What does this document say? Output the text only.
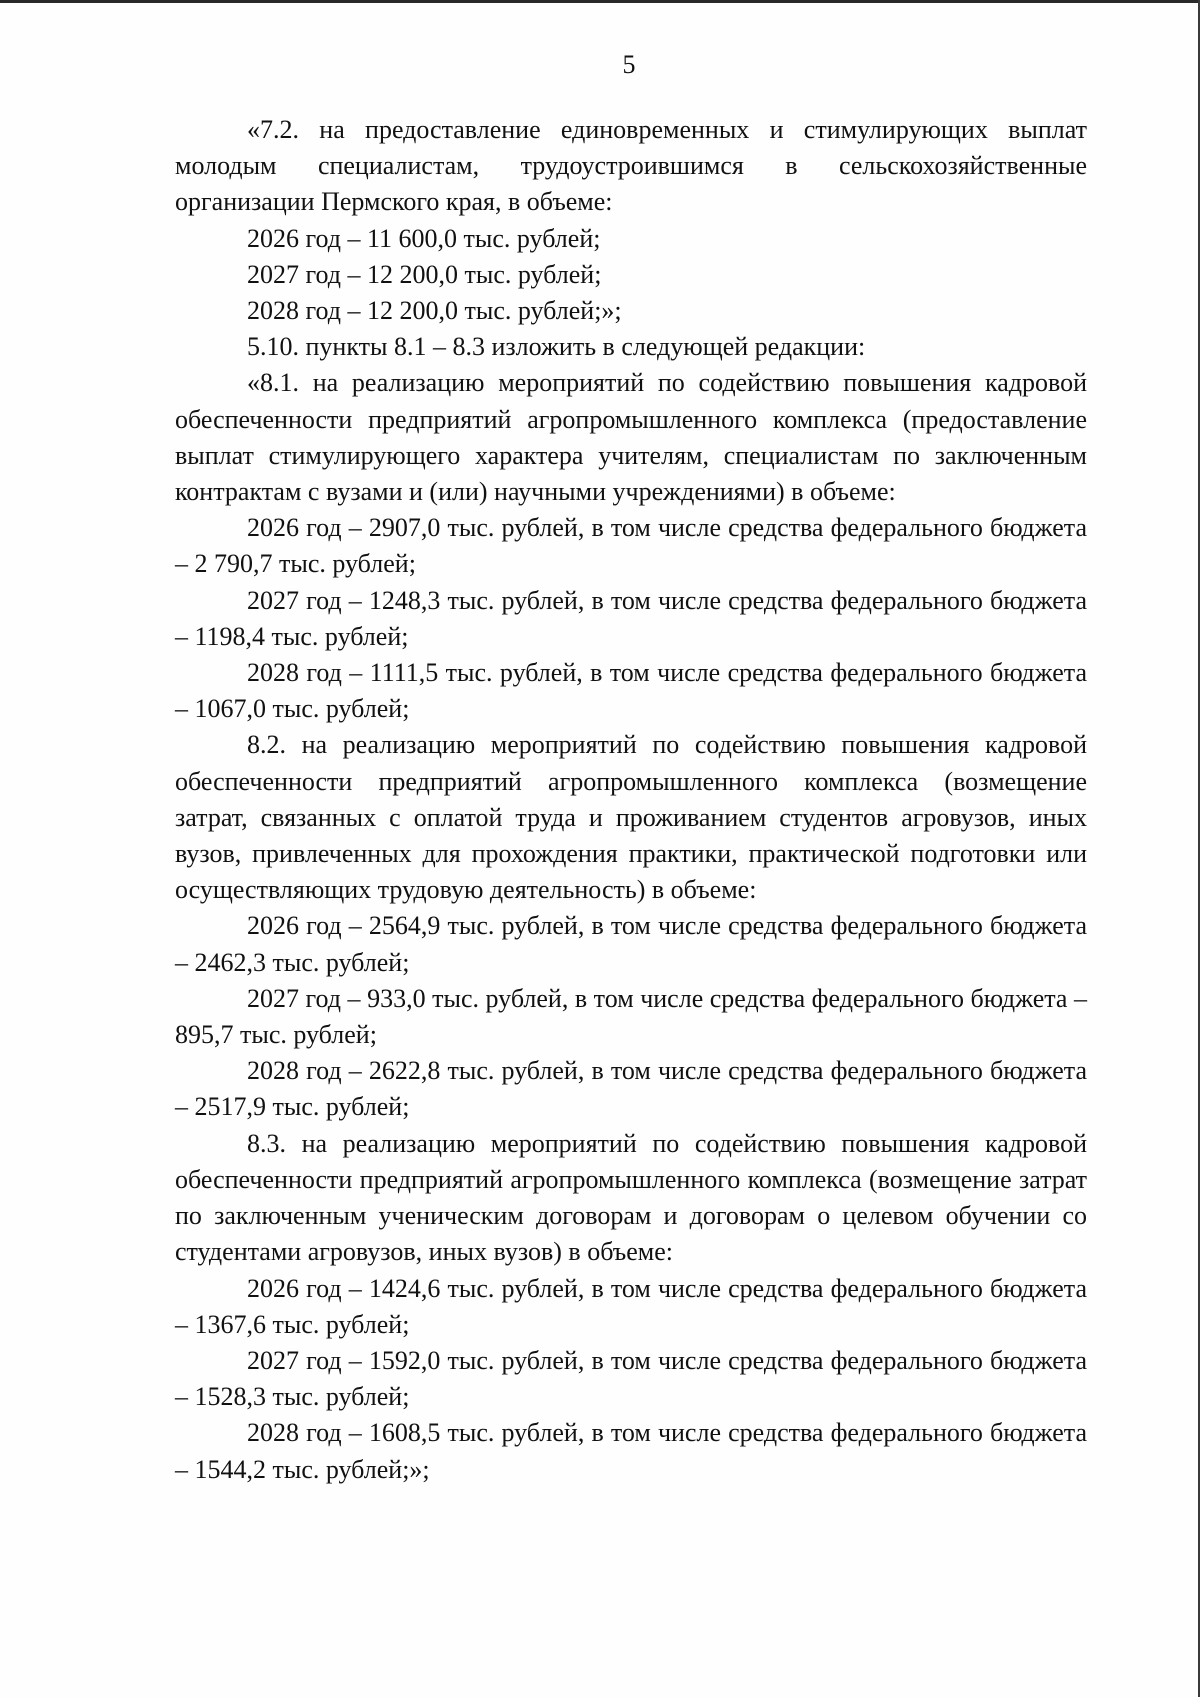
5

«7.2. на предоставление единовременных и стимулирующих выплат молодым специалистам, трудоустроившимся в сельскохозяйственные организации Пермского края, в объеме:

2026 год – 11 600,0 тыс. рублей;

2027 год – 12 200,0 тыс. рублей;

2028 год – 12 200,0 тыс. рублей;»;

5.10. пункты 8.1 – 8.3 изложить в следующей редакции:

«8.1. на реализацию мероприятий по содействию повышения кадровой обеспеченности предприятий агропромышленного комплекса (предоставление выплат стимулирующего характера учителям, специалистам по заключенным контрактам с вузами и (или) научными учреждениями) в объеме:

2026 год – 2907,0 тыс. рублей, в том числе средства федерального бюджета – 2 790,7 тыс. рублей;

2027 год – 1248,3 тыс. рублей, в том числе средства федерального бюджета – 1198,4 тыс. рублей;

2028 год – 1111,5 тыс. рублей, в том числе средства федерального бюджета – 1067,0 тыс. рублей;

8.2. на реализацию мероприятий по содействию повышения кадровой обеспеченности предприятий агропромышленного комплекса (возмещение затрат, связанных с оплатой труда и проживанием студентов агровузов, иных вузов, привлеченных для прохождения практики, практической подготовки или осуществляющих трудовую деятельность) в объеме:

2026 год – 2564,9 тыс. рублей, в том числе средства федерального бюджета – 2462,3 тыс. рублей;

2027 год – 933,0 тыс. рублей, в том числе средства федерального бюджета – 895,7 тыс. рублей;

2028 год – 2622,8 тыс. рублей, в том числе средства федерального бюджета – 2517,9 тыс. рублей;

8.3. на реализацию мероприятий по содействию повышения кадровой обеспеченности предприятий агропромышленного комплекса (возмещение затрат по заключенным ученическим договорам и договорам о целевом обучении со студентами агровузов, иных вузов) в объеме:

2026 год – 1424,6 тыс. рублей, в том числе средства федерального бюджета – 1367,6 тыс. рублей;

2027 год – 1592,0 тыс. рублей, в том числе средства федерального бюджета – 1528,3 тыс. рублей;

2028 год – 1608,5 тыс. рублей, в том числе средства федерального бюджета – 1544,2 тыс. рублей;»;
